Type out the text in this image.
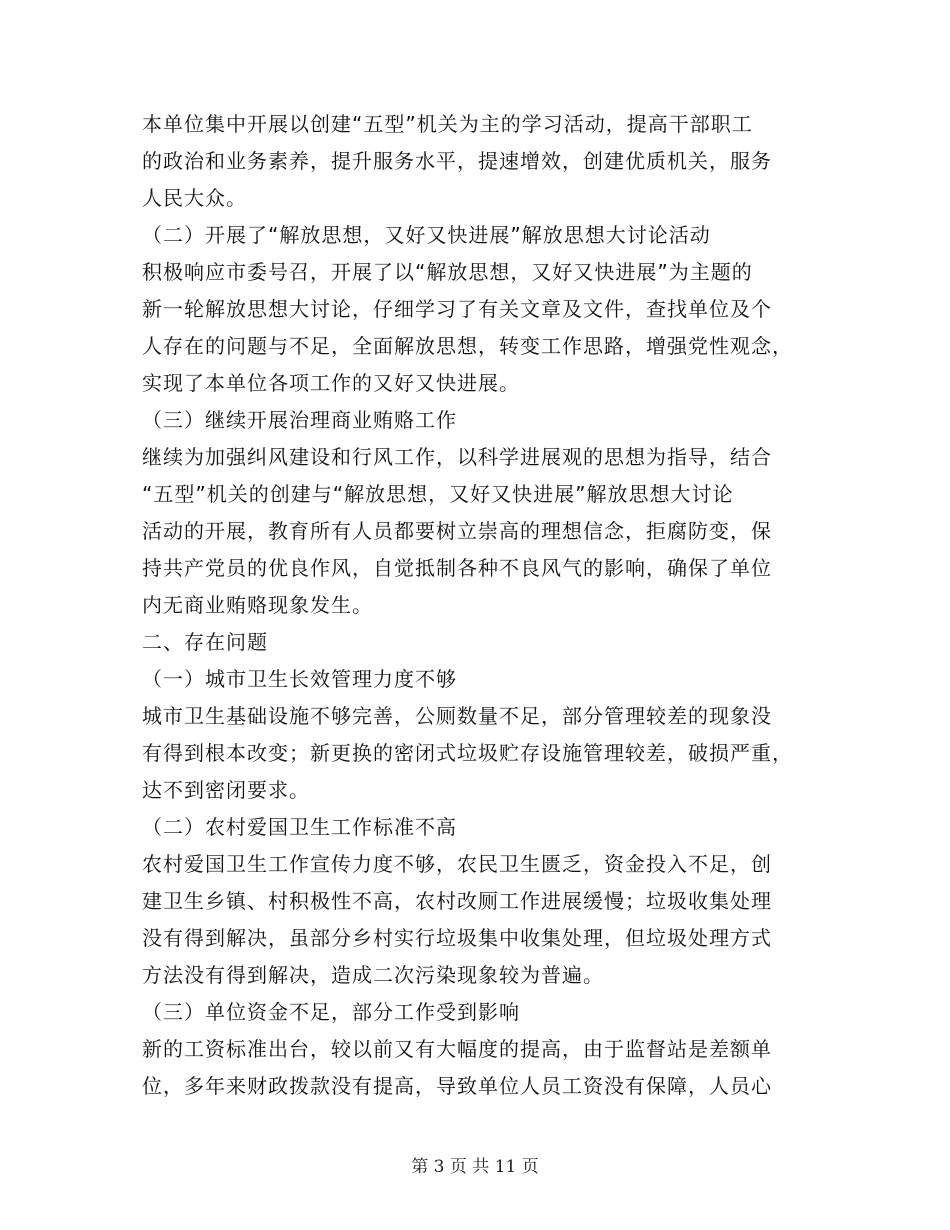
本单位集中开展以创建“五型”机关为主的学习活动，提高干部职工
的政治和业务素养，提升服务水平，提速增效，创建优质机关，服务
人民大众。
（二）开展了“解放思想，又好又快进展”解放思想大讨论活动
积极响应市委号召，开展了以“解放思想，又好又快进展”为主题的
新一轮解放思想大讨论，仔细学习了有关文章及文件，查找单位及个
人存在的问题与不足，全面解放思想，转变工作思路，增强党性观念，
实现了本单位各项工作的又好又快进展。
（三）继续开展治理商业贿赂工作
继续为加强纠风建设和行风工作，以科学进展观的思想为指导，结合
“五型”机关的创建与“解放思想，又好又快进展”解放思想大讨论
活动的开展，教育所有人员都要树立崇高的理想信念，拒腐防变，保
持共产党员的优良作风，自觉抵制各种不良风气的影响，确保了单位
内无商业贿赂现象发生。
二、存在问题
（一）城市卫生长效管理力度不够
城市卫生基础设施不够完善，公厕数量不足，部分管理较差的现象没
有得到根本改变；新更换的密闭式垃圾贮存设施管理较差，破损严重，
达不到密闭要求。
（二）农村爱国卫生工作标准不高
农村爱国卫生工作宣传力度不够，农民卫生匮乏，资金投入不足，创
建卫生乡镇、村积极性不高，农村改厕工作进展缓慢；垃圾收集处理
没有得到解决，虽部分乡村实行垃圾集中收集处理，但垃圾处理方式
方法没有得到解决，造成二次污染现象较为普遍。
（三）单位资金不足，部分工作受到影响
新的工资标准出台，较以前又有大幅度的提高，由于监督站是差额单
位，多年来财政拨款没有提高，导致单位人员工资没有保障，人员心
第 3 页 共 11 页
